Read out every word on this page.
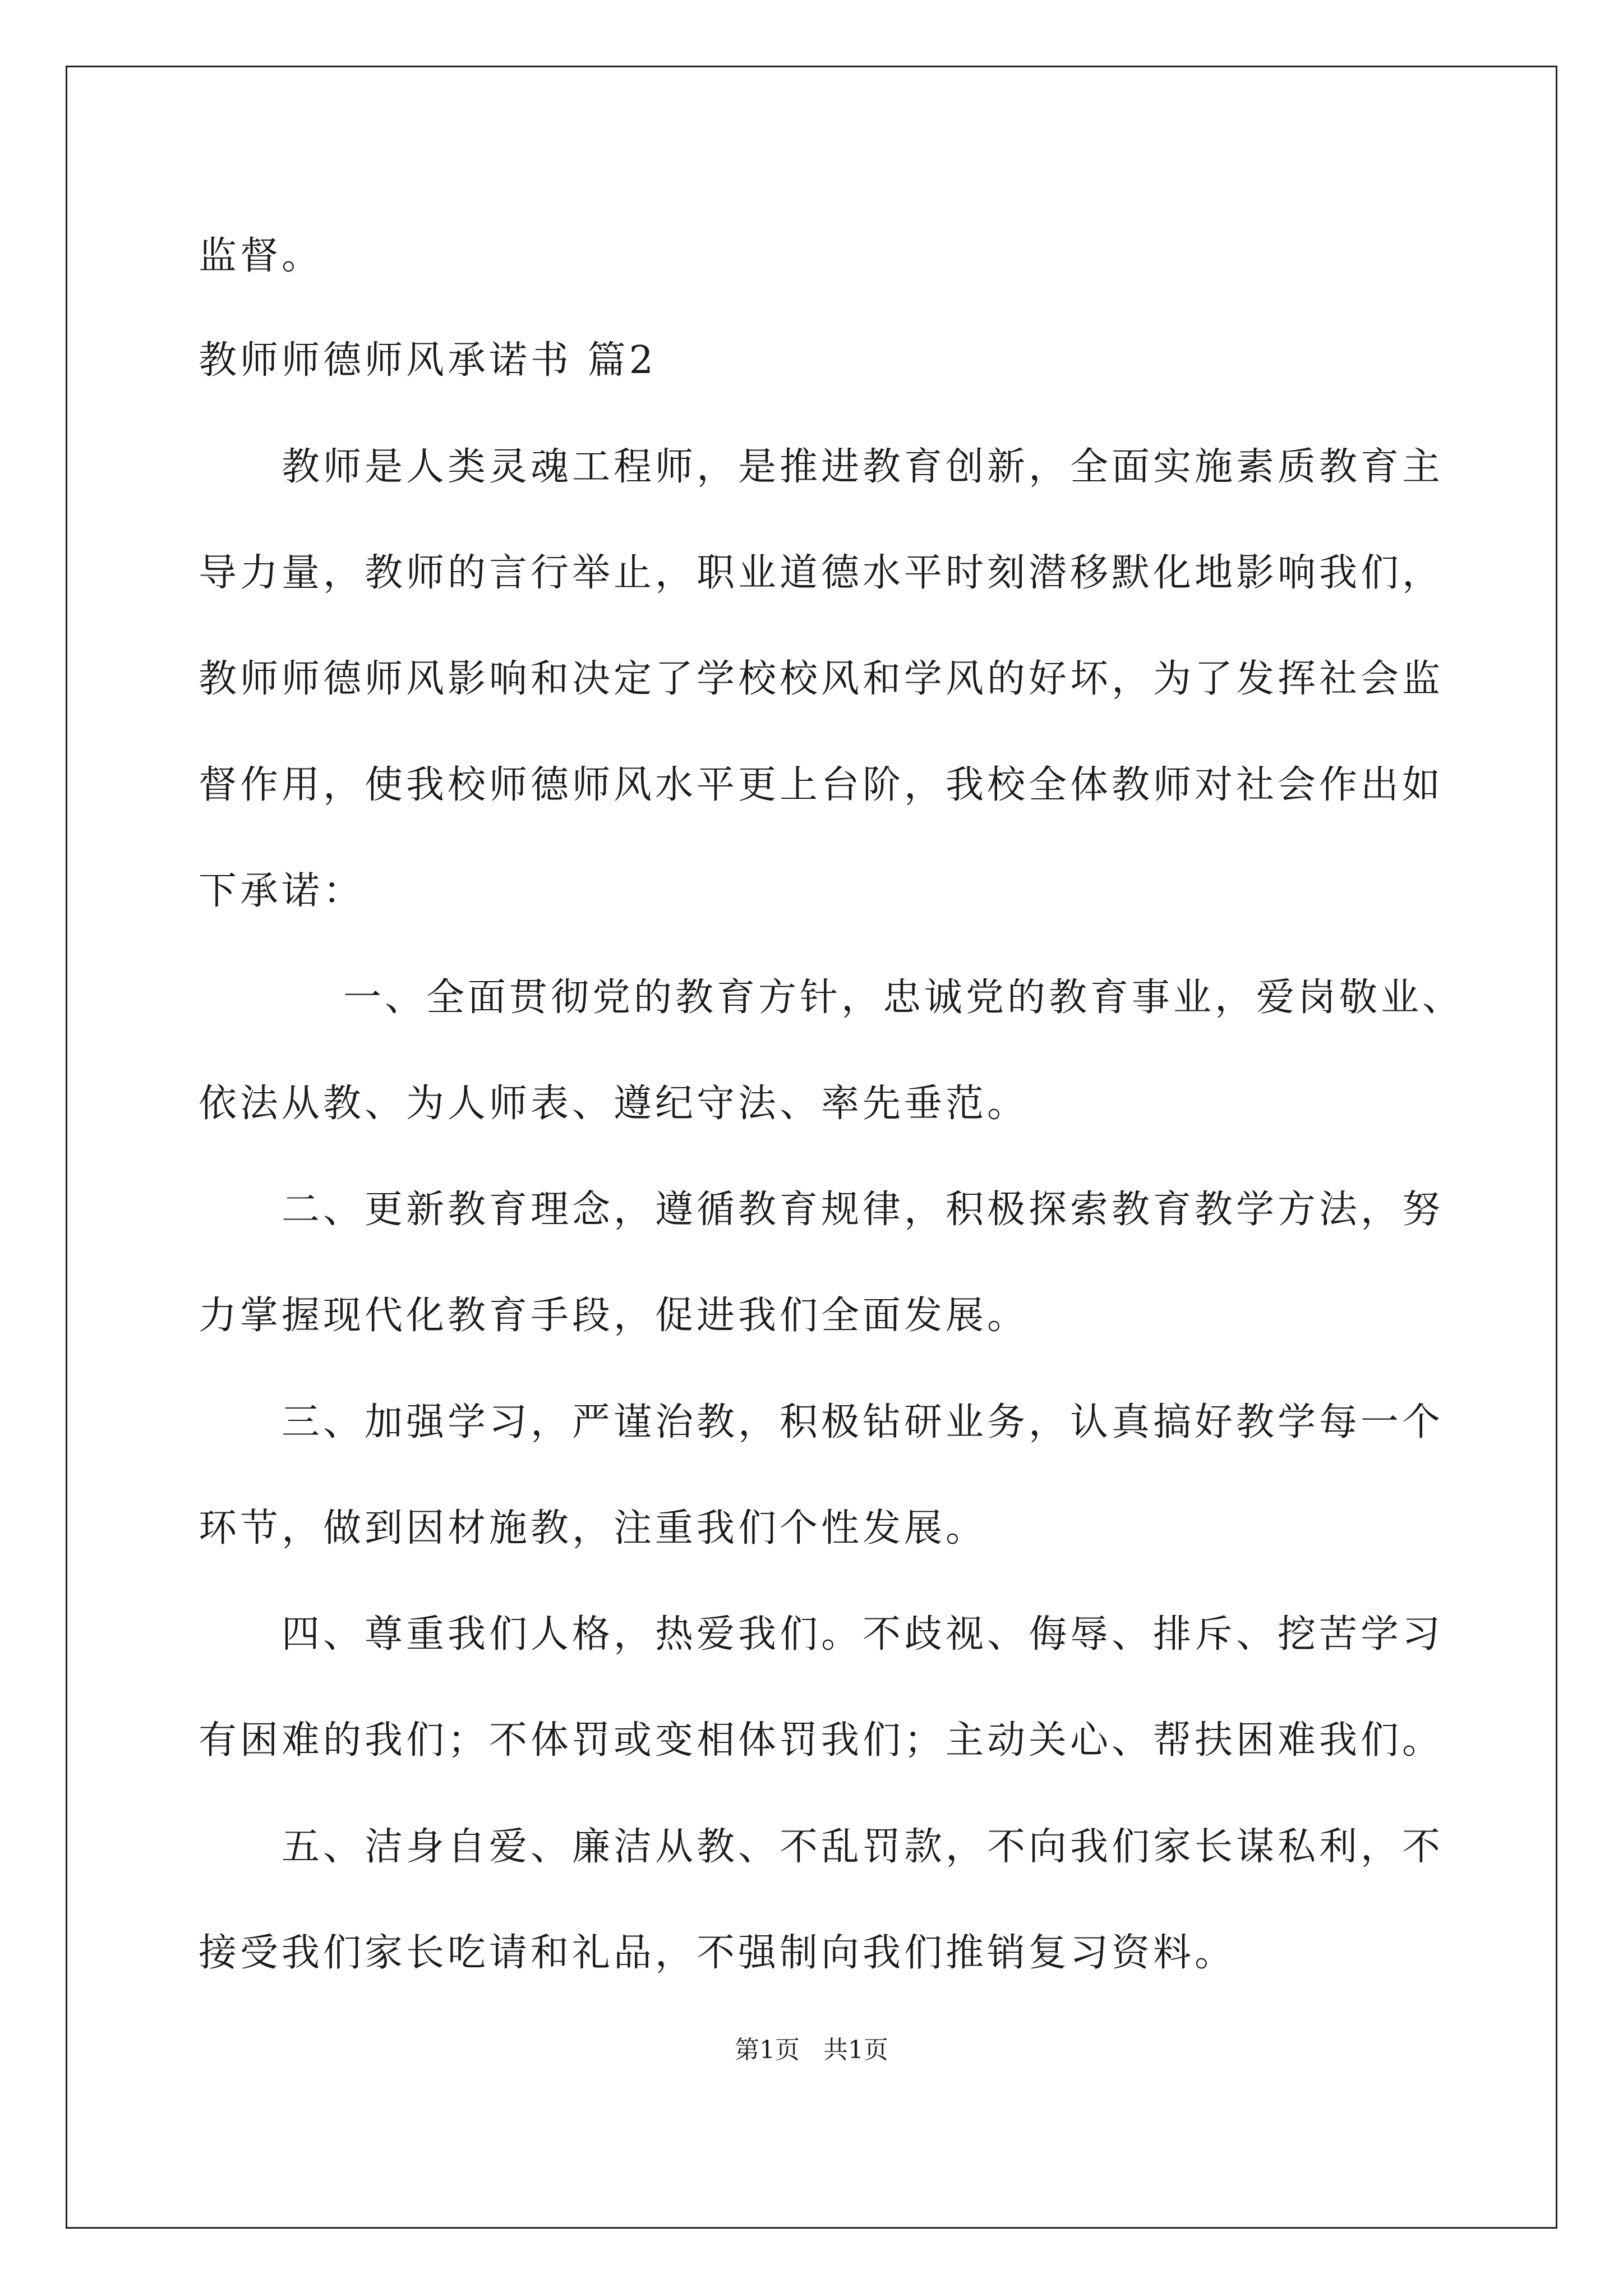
监督。
教师师德师风承诺书 篇2
教师是人类灵魂工程师，是推进教育创新，全面实施素质教育主
导力量，教师的言行举止，职业道德水平时刻潜移默化地影响我们，
教师师德师风影响和决定了学校校风和学风的好坏，为了发挥社会监
督作用，使我校师德师风水平更上台阶，我校全体教师对社会作出如
下承诺：
一、全面贯彻党的教育方针，忠诚党的教育事业，爱岗敬业、
依法从教、为人师表、遵纪守法、率先垂范。
二、更新教育理念，遵循教育规律，积极探索教育教学方法，努
力掌握现代化教育手段，促进我们全面发展。
三、加强学习，严谨治教，积极钻研业务，认真搞好教学每一个
环节，做到因材施教，注重我们个性发展。
四、尊重我们人格，热爱我们。不歧视、侮辱、排斥、挖苦学习
有困难的我们；不体罚或变相体罚我们；主动关心、帮扶困难我们。
五、洁身自爱、廉洁从教、不乱罚款，不向我们家长谋私利，不
接受我们家长吃请和礼品，不强制向我们推销复习资料。
第1页   共1页
